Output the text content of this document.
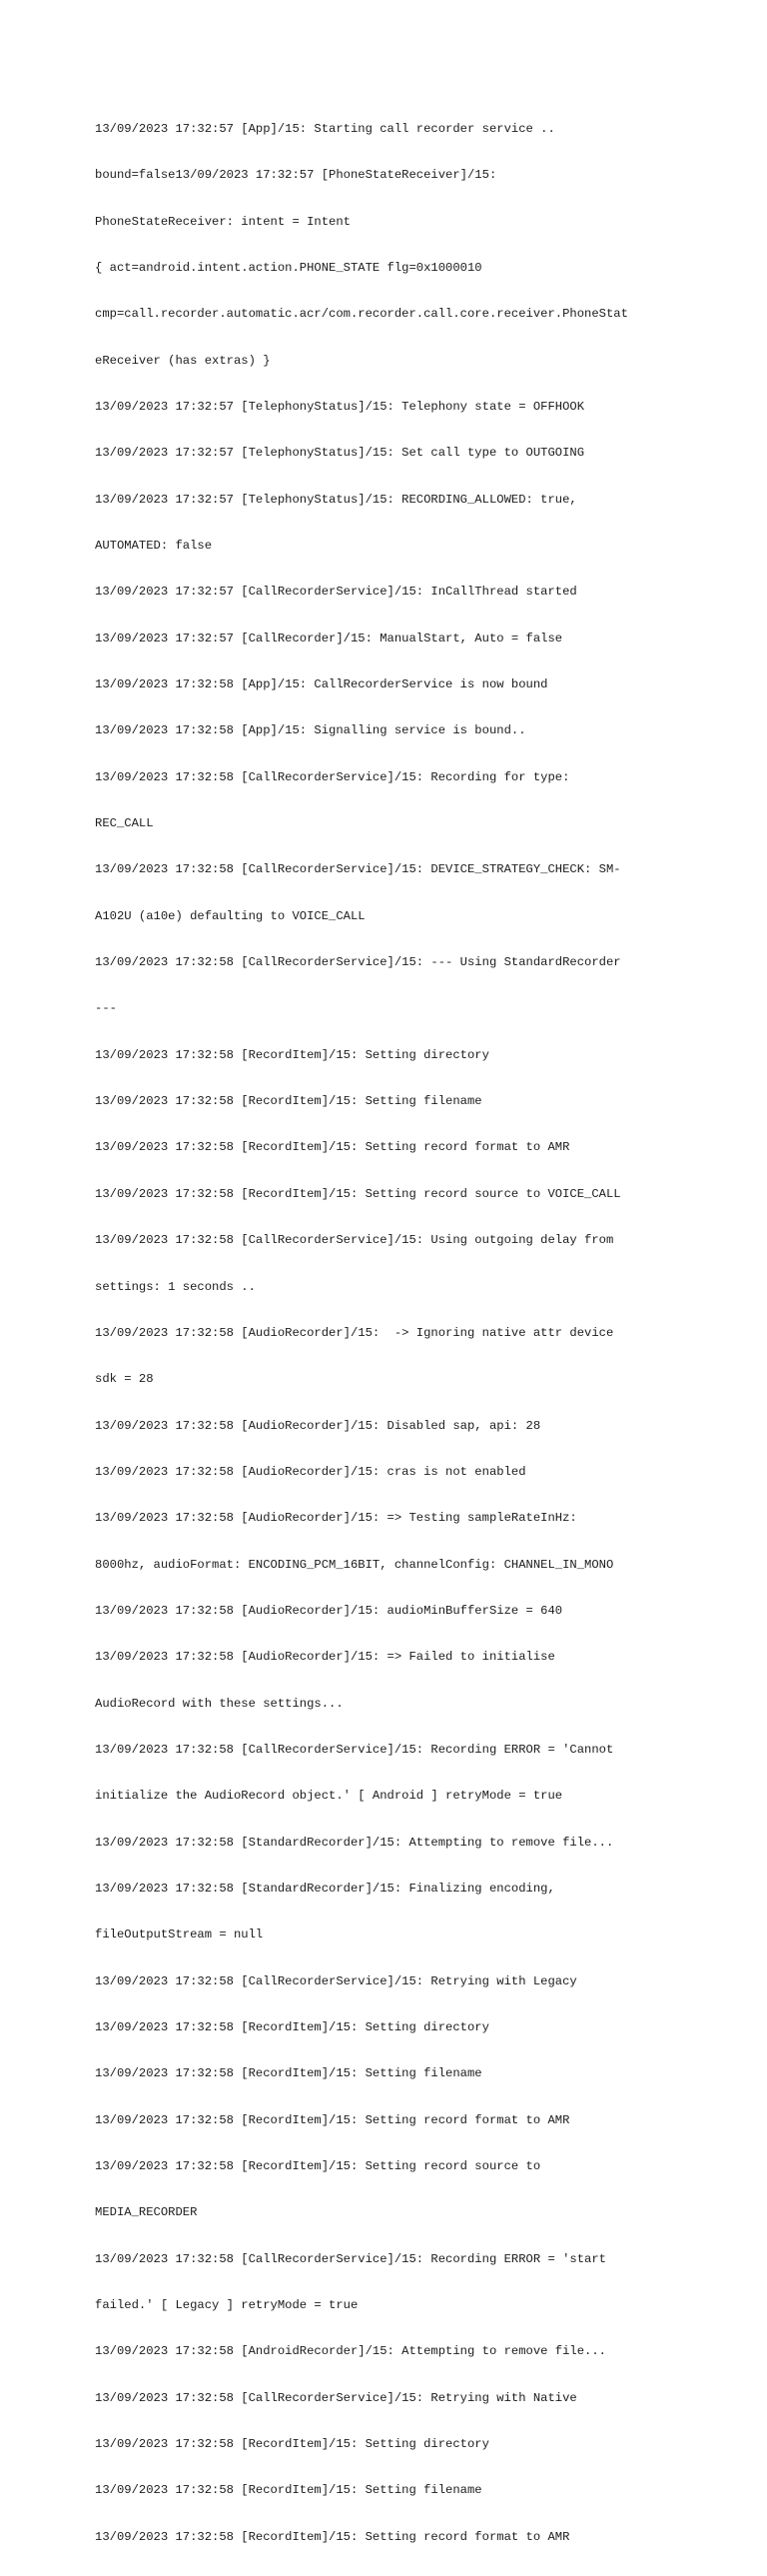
13/09/2023 17:32:57 [App]/15: Starting call recorder service ..

bound=false13/09/2023 17:32:57 [PhoneStateReceiver]/15:

PhoneStateReceiver: intent = Intent

{ act=android.intent.action.PHONE_STATE flg=0x1000010

cmp=call.recorder.automatic.acr/com.recorder.call.core.receiver.PhoneStat

eReceiver (has extras) }

13/09/2023 17:32:57 [TelephonyStatus]/15: Telephony state = OFFHOOK

13/09/2023 17:32:57 [TelephonyStatus]/15: Set call type to OUTGOING

13/09/2023 17:32:57 [TelephonyStatus]/15: RECORDING_ALLOWED: true,

AUTOMATED: false

13/09/2023 17:32:57 [CallRecorderService]/15: InCallThread started

13/09/2023 17:32:57 [CallRecorder]/15: ManualStart, Auto = false

13/09/2023 17:32:58 [App]/15: CallRecorderService is now bound

13/09/2023 17:32:58 [App]/15: Signalling service is bound..

13/09/2023 17:32:58 [CallRecorderService]/15: Recording for type:

REC_CALL

13/09/2023 17:32:58 [CallRecorderService]/15: DEVICE_STRATEGY_CHECK: SM-

A102U (a10e) defaulting to VOICE_CALL

13/09/2023 17:32:58 [CallRecorderService]/15: --- Using StandardRecorder

---

13/09/2023 17:32:58 [RecordItem]/15: Setting directory

13/09/2023 17:32:58 [RecordItem]/15: Setting filename

13/09/2023 17:32:58 [RecordItem]/15: Setting record format to AMR

13/09/2023 17:32:58 [RecordItem]/15: Setting record source to VOICE_CALL

13/09/2023 17:32:58 [CallRecorderService]/15: Using outgoing delay from

settings: 1 seconds ..

13/09/2023 17:32:58 [AudioRecorder]/15:  -> Ignoring native attr device

sdk = 28

13/09/2023 17:32:58 [AudioRecorder]/15: Disabled sap, api: 28

13/09/2023 17:32:58 [AudioRecorder]/15: cras is not enabled

13/09/2023 17:32:58 [AudioRecorder]/15: => Testing sampleRateInHz:

8000hz, audioFormat: ENCODING_PCM_16BIT, channelConfig: CHANNEL_IN_MONO

13/09/2023 17:32:58 [AudioRecorder]/15: audioMinBufferSize = 640

13/09/2023 17:32:58 [AudioRecorder]/15: => Failed to initialise

AudioRecord with these settings...

13/09/2023 17:32:58 [CallRecorderService]/15: Recording ERROR = 'Cannot

initialize the AudioRecord object.' [ Android ] retryMode = true

13/09/2023 17:32:58 [StandardRecorder]/15: Attempting to remove file...

13/09/2023 17:32:58 [StandardRecorder]/15: Finalizing encoding,

fileOutputStream = null

13/09/2023 17:32:58 [CallRecorderService]/15: Retrying with Legacy

13/09/2023 17:32:58 [RecordItem]/15: Setting directory

13/09/2023 17:32:58 [RecordItem]/15: Setting filename

13/09/2023 17:32:58 [RecordItem]/15: Setting record format to AMR

13/09/2023 17:32:58 [RecordItem]/15: Setting record source to

MEDIA_RECORDER

13/09/2023 17:32:58 [CallRecorderService]/15: Recording ERROR = 'start

failed.' [ Legacy ] retryMode = true

13/09/2023 17:32:58 [AndroidRecorder]/15: Attempting to remove file...

13/09/2023 17:32:58 [CallRecorderService]/15: Retrying with Native

13/09/2023 17:32:58 [RecordItem]/15: Setting directory

13/09/2023 17:32:58 [RecordItem]/15: Setting filename

13/09/2023 17:32:58 [RecordItem]/15: Setting record format to AMR
